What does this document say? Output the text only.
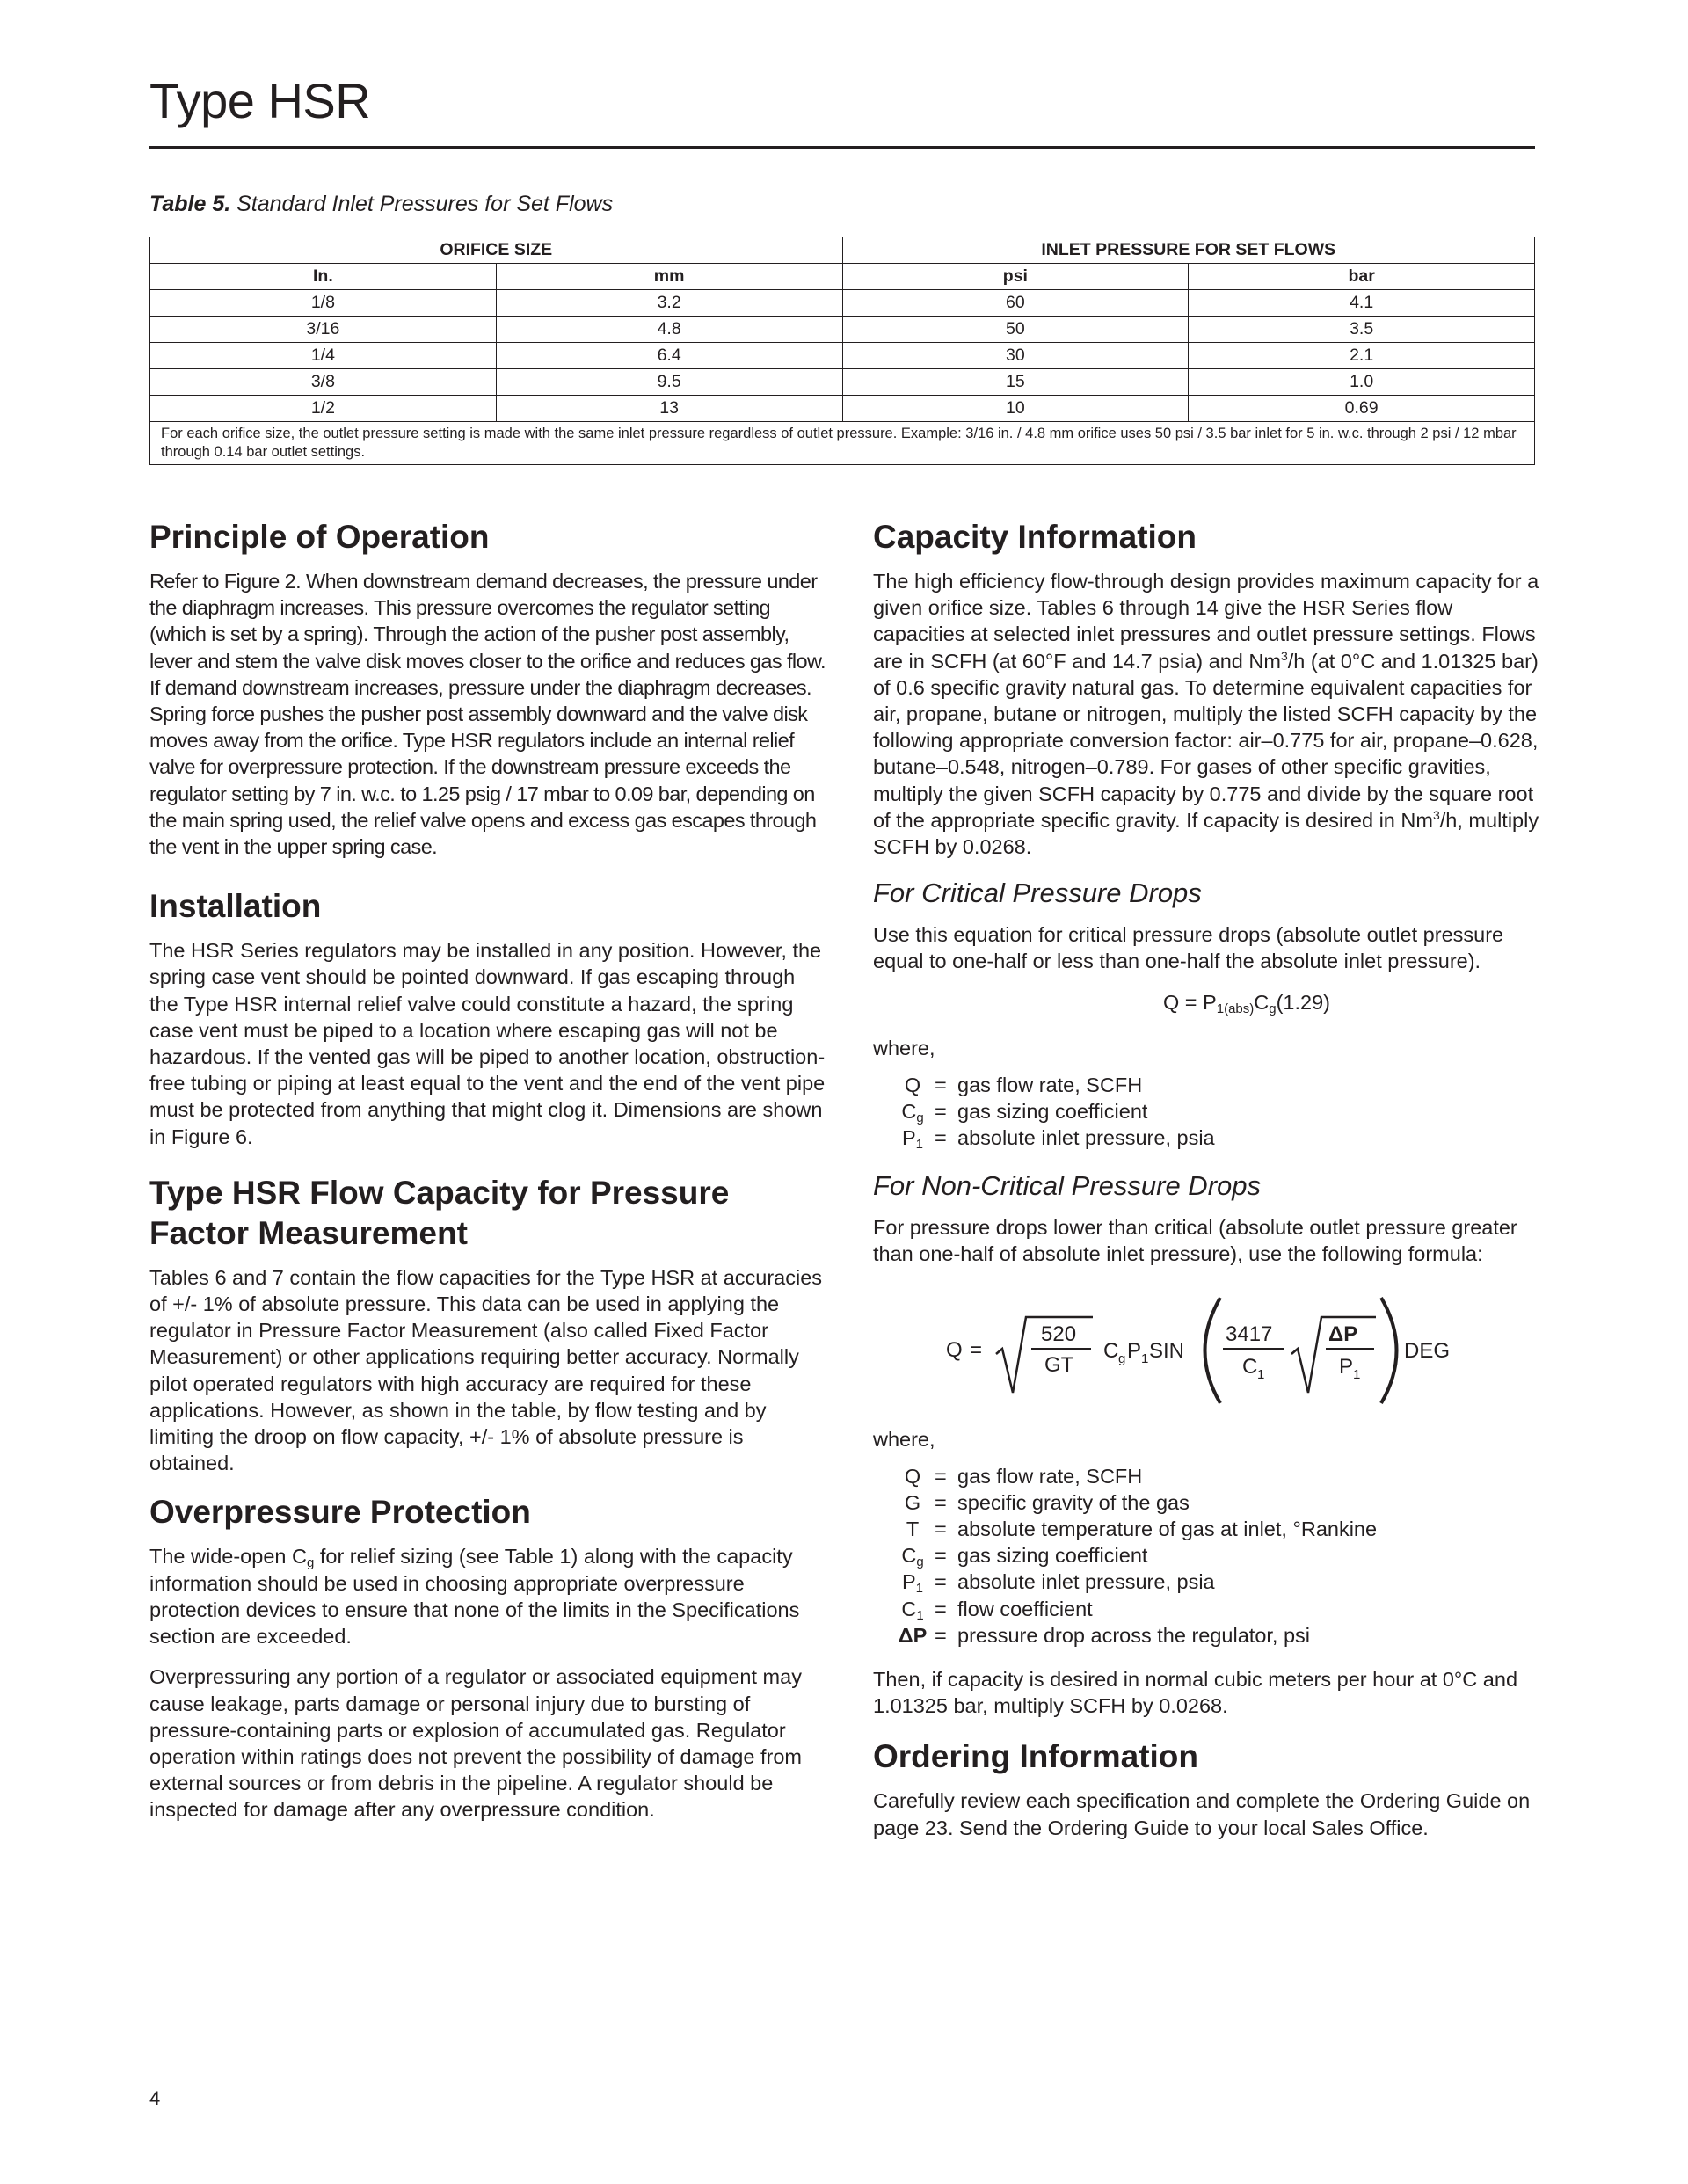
Type HSR
Table 5. Standard Inlet Pressures for Set Flows
ORIFICE SIZE		INLET PRESSURE FOR SET FLOWS	
In.	mm	psi	bar
1/8	3.2	60	4.1
3/16	4.8	50	3.5
1/4	6.4	30	2.1
3/8	9.5	15	1.0
1/2	13	10	0.69
For each orifice size, the outlet pressure setting is made with the same inlet pressure regardless of outlet pressure. Example: 3/16 in. / 4.8 mm orifice uses 50 psi / 3.5 bar inlet for 5 in. w.c. through 2 psi / 12 mbar through 0.14 bar outlet settings.			
Principle of Operation

Refer to Figure 2. When downstream demand decreases, the pressure under the diaphragm increases. This pressure overcomes the regulator setting (which is set by a spring). Through the action of the pusher post assembly, lever and stem the valve disk moves closer to the orifice and reduces gas flow. If demand downstream increases, pressure under the diaphragm decreases. Spring force pushes the pusher post assembly downward and the valve disk moves away from the orifice. Type HSR regulators include an internal relief valve for overpressure protection. If the downstream pressure exceeds the regulator setting by 7 in. w.c. to 1.25 psig / 17 mbar to 0.09 bar, depending on the main spring used, the relief valve opens and excess gas escapes through the vent in the upper spring case.

Installation

The HSR Series regulators may be installed in any position. However, the spring case vent should be pointed downward. If gas escaping through the Type HSR internal relief valve could constitute a hazard, the spring case vent must be piped to a location where escaping gas will not be hazardous. If the vented gas will be piped to another location, obstruction-free tubing or piping at least equal to the vent and the end of the vent pipe must be protected from anything that might clog it. Dimensions are shown in Figure 6.

Type HSR Flow Capacity for Pressure Factor Measurement

Tables 6 and 7 contain the flow capacities for the Type HSR at accuracies of +/- 1% of absolute pressure. This data can be used in applying the regulator in Pressure Factor Measurement (also called Fixed Factor Measurement) or other applications requiring better accuracy. Normally pilot operated regulators with high accuracy are required for these applications. However, as shown in the table, by flow testing and by limiting the droop on flow capacity, +/- 1% of absolute pressure is obtained.

Overpressure Protection

The wide-open $C_g$ for relief sizing (see Table 1) along with the capacity information should be used in choosing appropriate overpressure protection devices to ensure that none of the limits in the Specifications section are exceeded.

Overpressuring any portion of a regulator or associated equipment may cause leakage, parts damage or personal injury due to bursting of pressure-containing parts or explosion of accumulated gas. Regulator operation within ratings does not prevent the possibility of damage from external sources or from debris in the pipeline. A regulator should be inspected for damage after any overpressure condition.

Capacity Information

The high efficiency flow-through design provides maximum capacity for a given orifice size. Tables 6 through 14 give the HSR Series flow capacities at selected inlet pressures and outlet pressure settings. Flows are in SCFH (at 60°F and 14.7 psia) and Nm$^3$/h (at 0°C and 1.01325 bar) of 0.6 specific gravity natural gas. To determine equivalent capacities for air, propane, butane or nitrogen, multiply the listed SCFH capacity by the following appropriate conversion factor: air–0.775 for air, propane–0.628, butane–0.548, nitrogen–0.789. For gases of other specific gravities, multiply the given SCFH capacity by 0.775 and divide by the square root of the appropriate specific gravity. If capacity is desired in Nm$^3$/h, multiply SCFH by 0.0268.

For Critical Pressure Drops

Use this equation for critical pressure drops (absolute outlet pressure equal to one-half or less than one-half the absolute inlet pressure).

$Q = P_{1(abs)}C_g(1.29)$
where,
Q = gas flow rate, SCFH
$C_g$ = gas sizing coefficient
$P_1$ = absolute inlet pressure, psia
For Non-Critical Pressure Drops

For pressure drops lower than critical (absolute outlet pressure greater than one-half of absolute inlet pressure), use the following formula:

Q =
520
GT
C g P 1 SIN
3417
C 1
ΔP
P 1
DEG
where,
Q = gas flow rate, SCFH
G = specific gravity of the gas
T = absolute temperature of gas at inlet, °Rankine
$C_g$ = gas sizing coefficient
$P_1$ = absolute inlet pressure, psia
$C_1$ = flow coefficient
ΔP = pressure drop across the regulator, psi

Then, if capacity is desired in normal cubic meters per hour at 0°C and 1.01325 bar, multiply SCFH by 0.0268.

Ordering Information

Carefully review each specification and complete the Ordering Guide on page 23. Send the Ordering Guide to your local Sales Office.

4
